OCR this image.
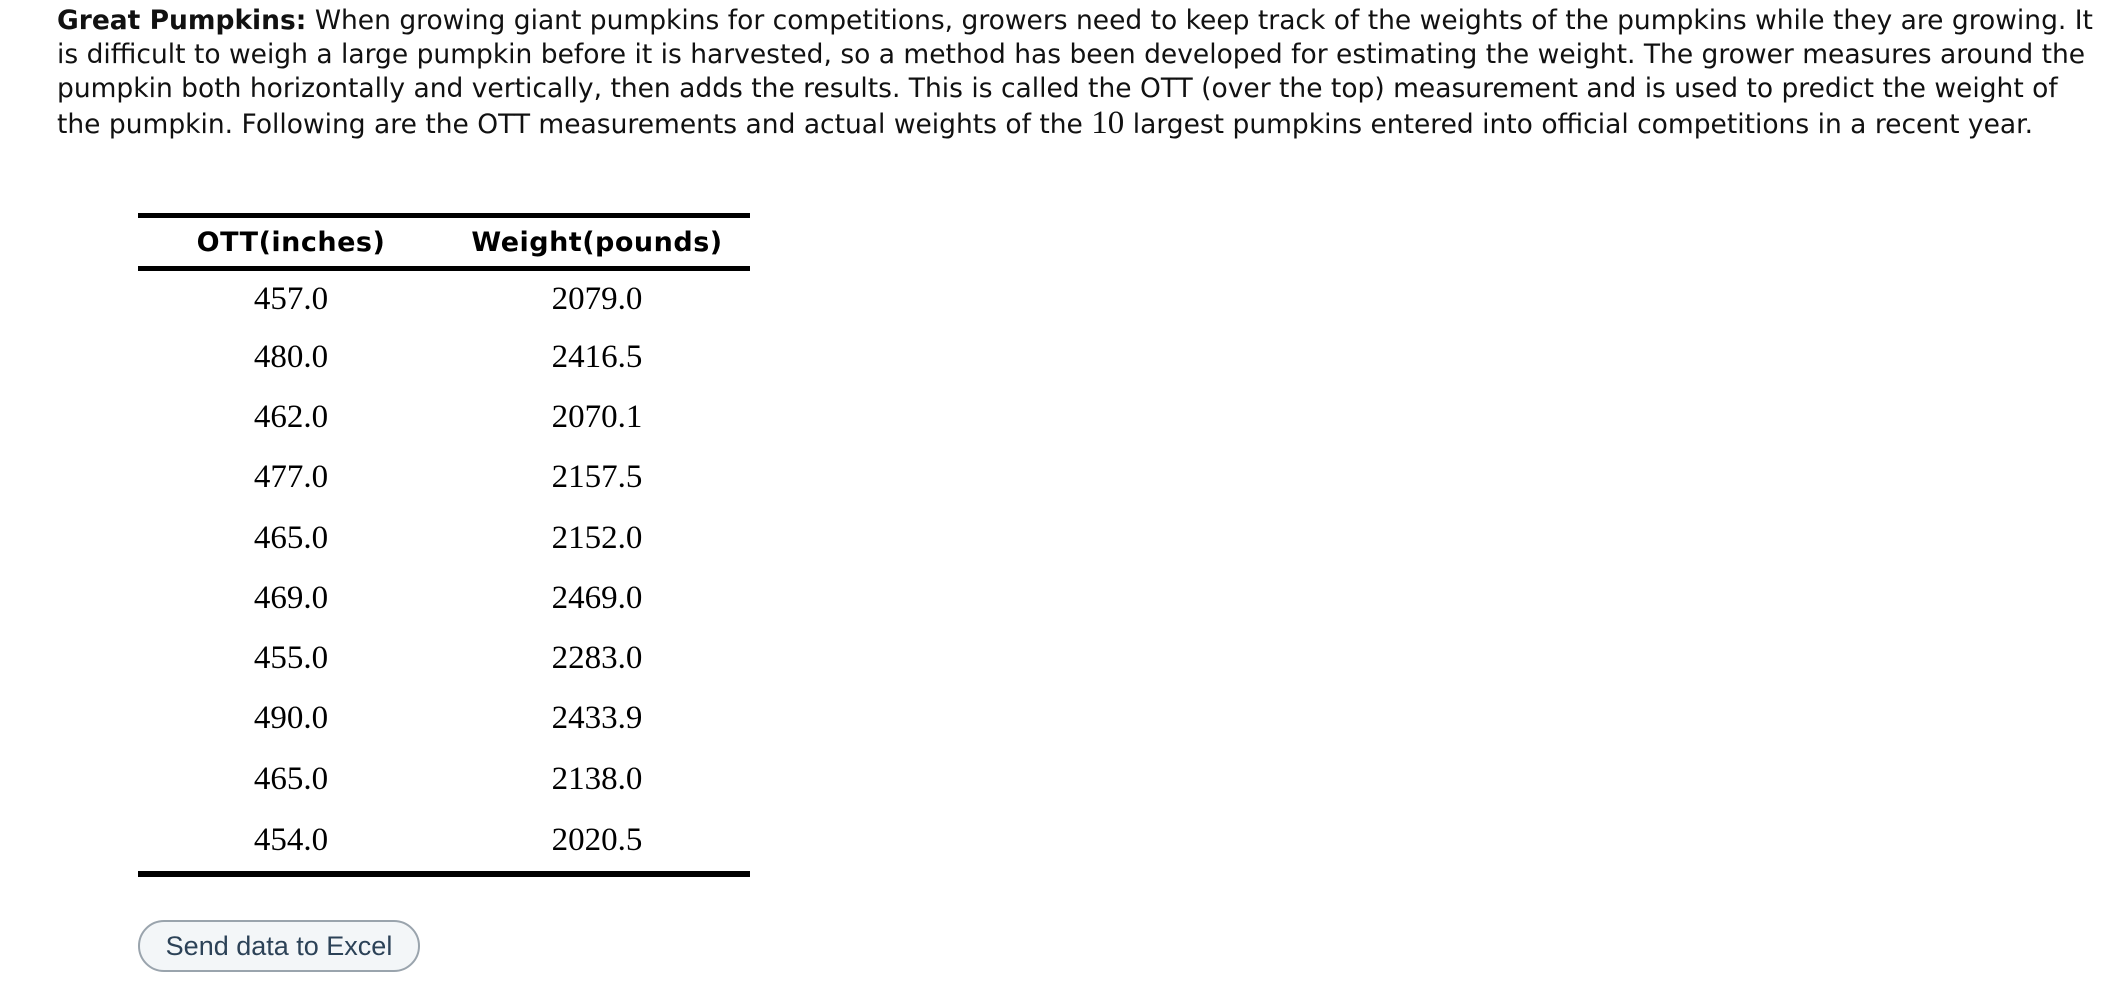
Great Pumpkins: When growing giant pumpkins for competitions, growers need to keep track of the weights of the pumpkins while they are growing. It is difficult to weigh a large pumpkin before it is harvested, so a method has been developed for estimating the weight. The grower measures around the pumpkin both horizontally and vertically, then adds the results. This is called the OTT (over the top) measurement and is used to predict the weight of the pumpkin. Following are the OTT measurements and actual weights of the 10 largest pumpkins entered into official competitions in a recent year.
OTT(inches)	Weight(pounds)
457.0	2079.0
480.0	2416.5
462.0	2070.1
477.0	2157.5
465.0	2152.0
469.0	2469.0
455.0	2283.0
490.0	2433.9
465.0	2138.0
454.0	2020.5
Send data to Excel
